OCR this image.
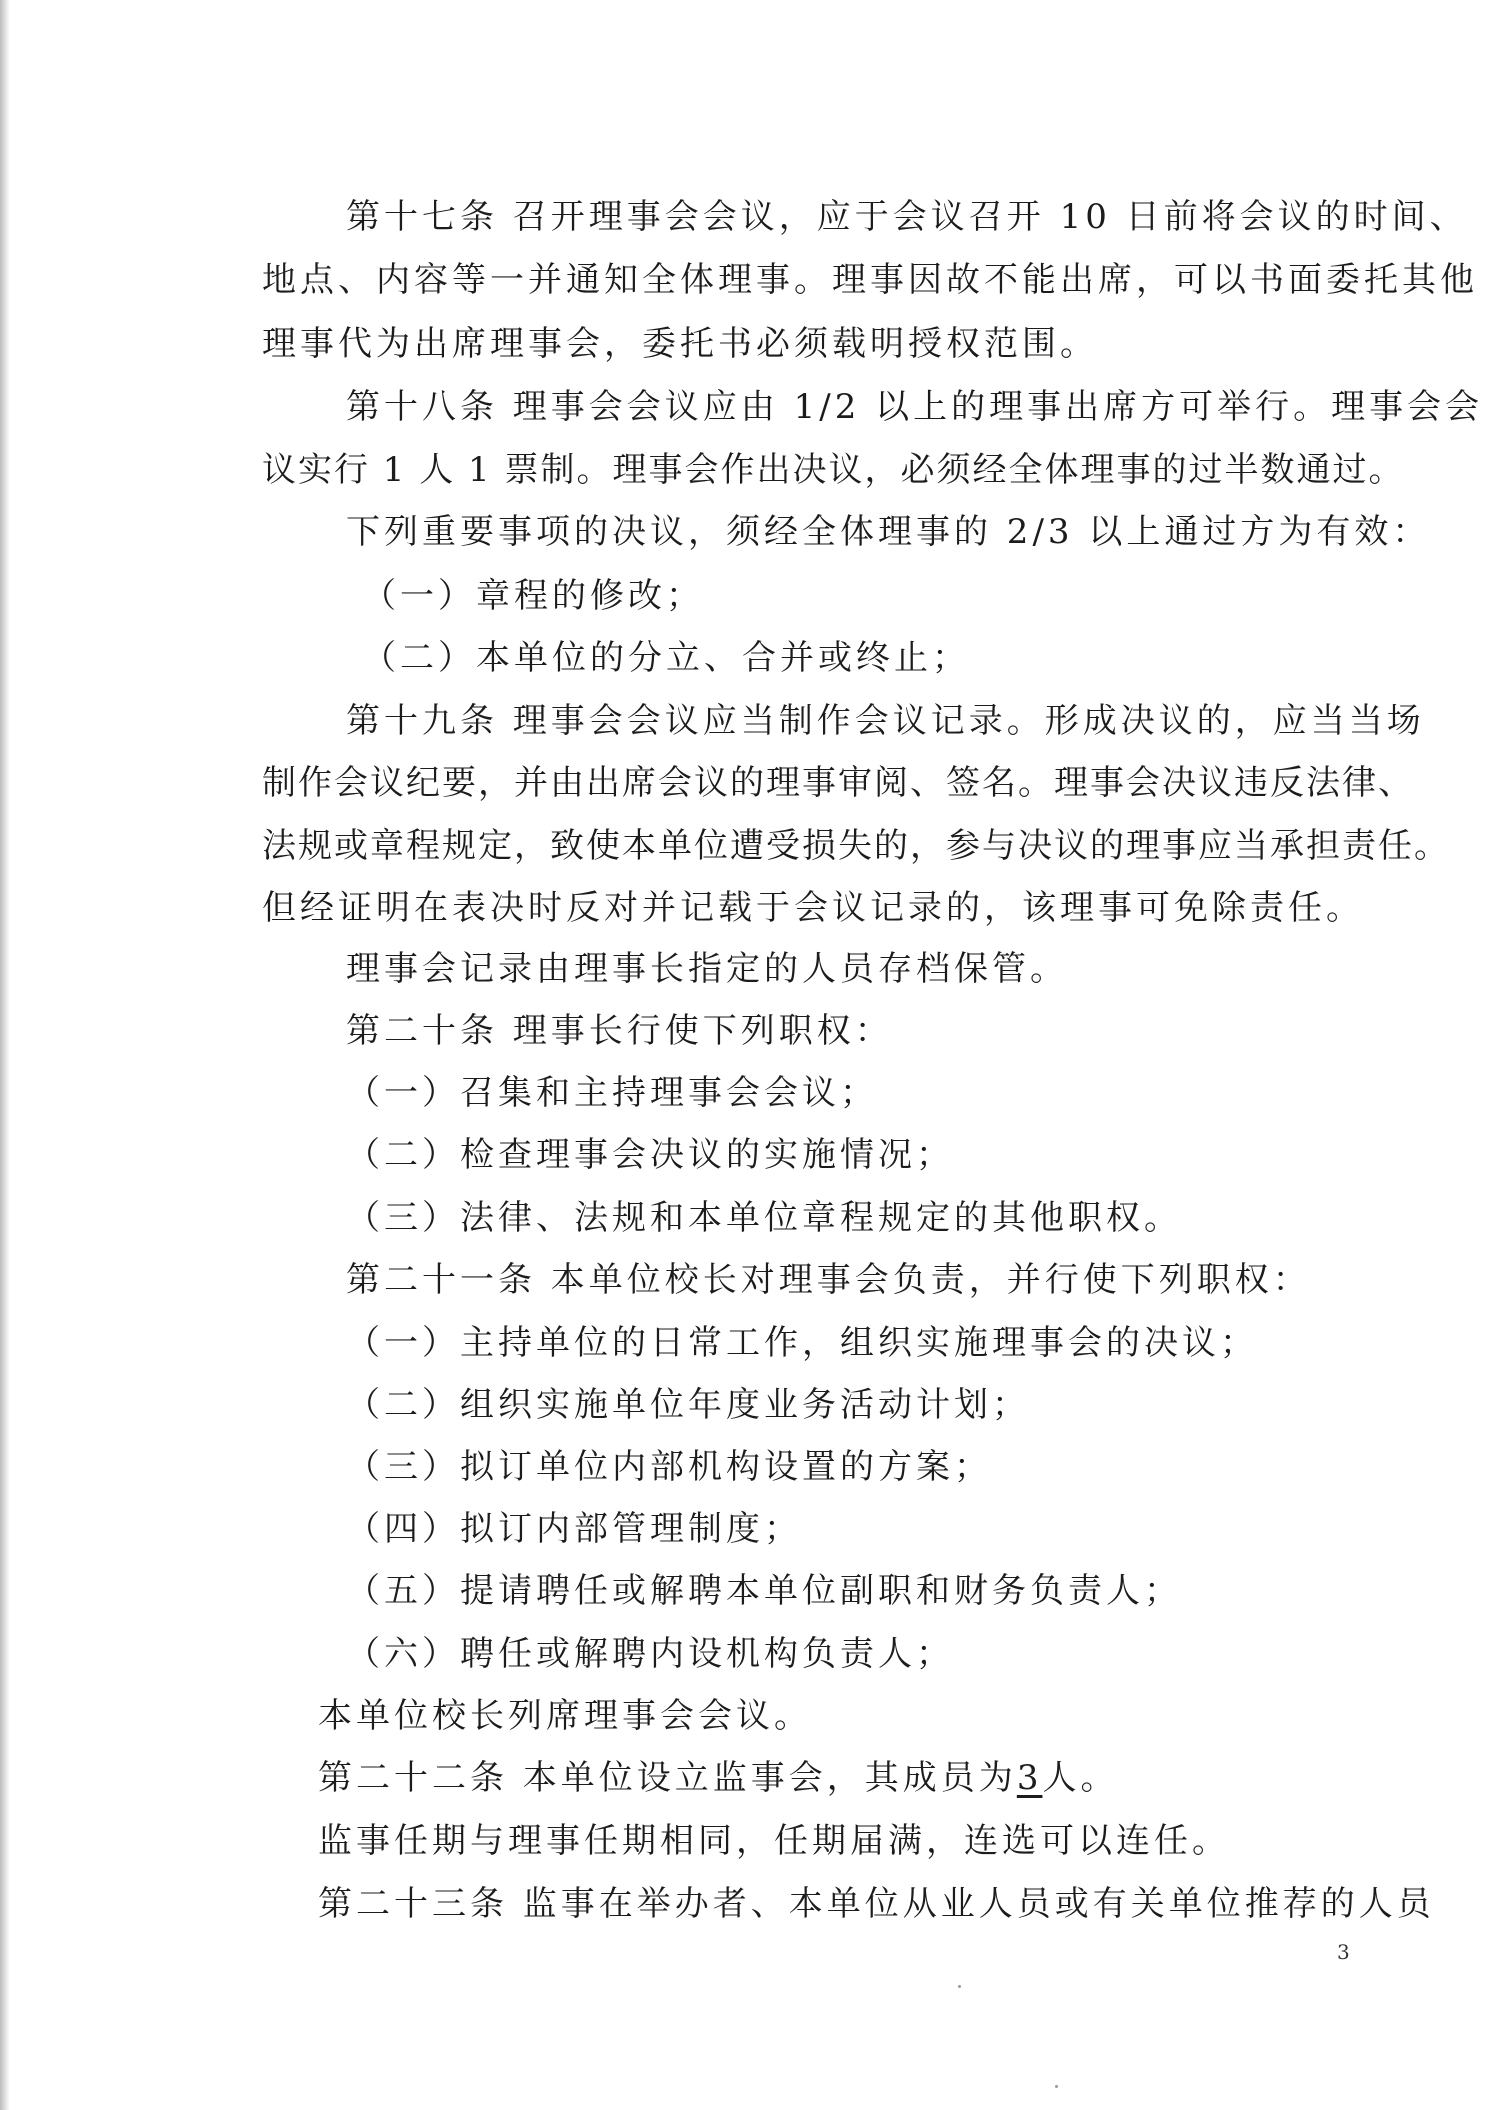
第十七条 召开理事会会议，应于会议召开 10 日前将会议的时间、
地点、内容等一并通知全体理事。理事因故不能出席，可以书面委托其他
理事代为出席理事会，委托书必须载明授权范围。
第十八条 理事会会议应由 1/2 以上的理事出席方可举行。理事会会
议实行 1 人 1 票制。理事会作出决议，必须经全体理事的过半数通过。
下列重要事项的决议，须经全体理事的 2/3 以上通过方为有效：
（一）章程的修改；
（二）本单位的分立、合并或终止；
第十九条 理事会会议应当制作会议记录。形成决议的，应当当场
制作会议纪要，并由出席会议的理事审阅、签名。理事会决议违反法律、
法规或章程规定，致使本单位遭受损失的，参与决议的理事应当承担责任。
但经证明在表决时反对并记载于会议记录的，该理事可免除责任。
理事会记录由理事长指定的人员存档保管。
第二十条 理事长行使下列职权：
（一）召集和主持理事会会议；
（二）检查理事会决议的实施情况；
（三）法律、法规和本单位章程规定的其他职权。
第二十一条 本单位校长对理事会负责，并行使下列职权：
（一）主持单位的日常工作，组织实施理事会的决议；
（二）组织实施单位年度业务活动计划；
（三）拟订单位内部机构设置的方案；
（四）拟订内部管理制度；
（五）提请聘任或解聘本单位副职和财务负责人；
（六）聘任或解聘内设机构负责人；
本单位校长列席理事会会议。
第二十二条 本单位设立监事会，其成员为3人。
监事任期与理事任期相同，任期届满，连选可以连任。
第二十三条 监事在举办者、本单位从业人员或有关单位推荐的人员
3
